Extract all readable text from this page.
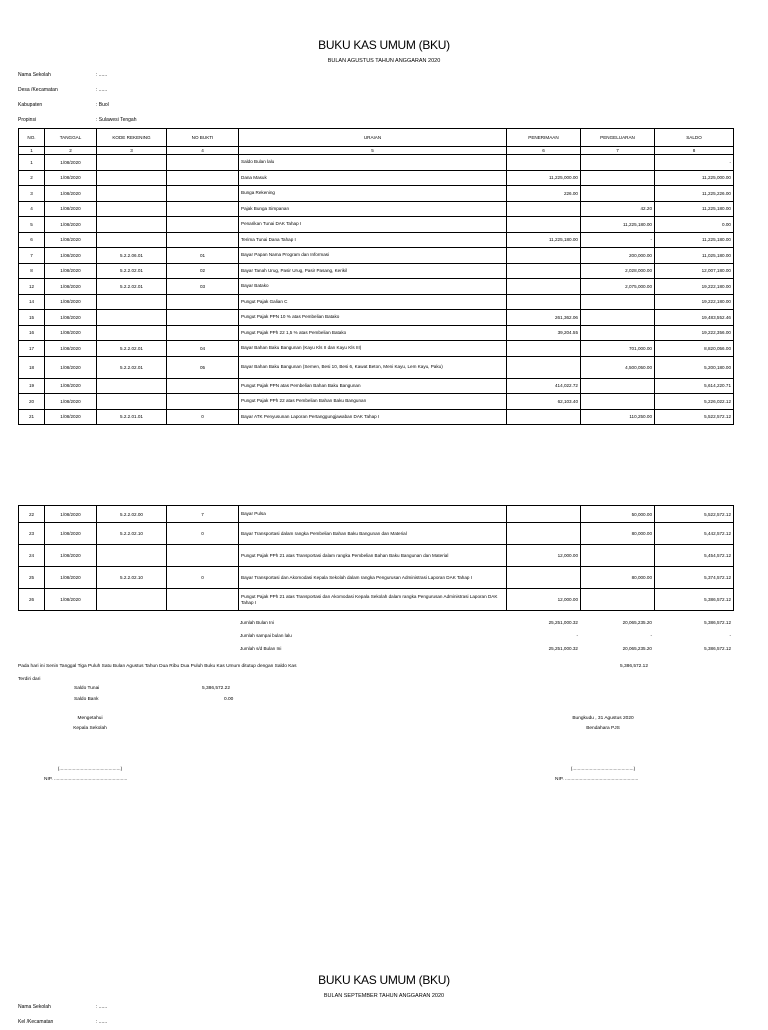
BUKU KAS UMUM (BKU)
BULAN AGUSTUS TAHUN ANGGARAN 2020
Nama Sekolah	: ......
Desa /Kecamatan	: ......
Kabupaten	: Buol
Propinsi	: Sulawesi Tengah
NO.	TANGGAL	KODE REKENING	NO BUKTI	URAIAN	PENERIMAAN	PENGELUARAN	SALDO
1	2	3	4	5	6	7	8
1	1/08/2020			Saldo Bulan lalu			-
2	1/08/2020			Dana Masuk	11,225,000.00		11,225,000.00
3	1/08/2020			Bunga Rekening	226.00		11,225,226.00
4	1/08/2020			Pajak Bunga Simpanan		42.20	11,225,180.00
5	1/08/2020			Penarikan Tunai DAK Tahap I		11,225,180.00	0.00
6	1/08/2020			Terima Tunai Dana Tahap I	11,225,180.00	-	11,225,180.00
7	1/08/2020	5.2.2.06.01	01	Bayar Papan Nama Program dan Informasi		200,000.00	11,025,180.00
8	1/08/2020	5.2.2.02.01	02	Bayar Tanah Urug, Pasir Urug, Pasir Pasang, Kerikil		2,028,000.00	12,007,180.00
12	1/08/2020	5.2.2.02.01	03	Bayar Batako		2,075,000.00	19,222,180.00
14	1/08/2020			Pungut Pajak Galian C			19,222,180.00
15	1/08/2020			Pungut Pajak PPN 10 % atas Pembelian Batako	261,362.06		19,483,552.46
16	1/08/2020			Pungut Pajak PPh 22 1,5 % atas Pembelian Batako	39,204.55		19,222,356.00
17	1/08/2020	5.2.2.02.01	04	Bayar Bahan Baku Bangunan (Kayu Kls II dan Kayu Kls III)		701,000.00	8,820,056.00
18	1/08/2020	5.2.2.02.01	05	Bayar Bahan Baku Bangunan (Semen, Besi 10, Besi 6, Kawat Beton, Meni Kayu, Lem Kayu, Paku)		4,500,050.00	5,200,180.00
19	1/08/2020			Pungut Pajak PPN atas Pembelian Bahan Baku Bangunan	414,022.72		5,614,220.71
20	1/08/2020			Pungut Pajak PPh 22 atas Pembelian Bahan Baku Bangunan	62,103.40		5,226,022.12
21	1/08/2020	5.2.2.01.01	0	Bayar ATK Penyusunan Laporan Pertanggungjawaban DAK Tahap I		110,250.00	5,522,572.12
22	1/08/2020	5.2.2.02.00	7	Bayar Pulsa		50,000.00	5,522,572.12
23	1/08/2020	5.2.2.02.10	0	Bayar Transportasi dalam rangka Pembelian Bahan Baku Bangunan dan Material		80,000.00	5,442,572.12
24	1/08/2020			Pungut Pajak PPh 21 atas Transportasi dalam rangka Pembelian Bahan Baku Bangunan dan Material	12,000.00		5,454,572.12
25	1/08/2020	5.2.2.02.10	0	Bayar Transportasi dan Akomodasi Kepala Sekolah dalam rangka Pengurusan Administrasi Laporan DAK Tahap I		80,000.00	5,374,572.12
26	1/08/2020			Pungut Pajak PPh 21 atas Transportasi dan Akomodasi Kepala Sekolah dalam rangka Pengurusan Administrasi Laporan DAK Tahap I	12,000.00		5,386,572.12
				Jumlah Bulan Ini	25,251,000.32	20,065,235.20	5,386,572.12
				Jumlah sampai bulan lalu	-	-	-
				Jumlah s/d Bulan Ini	25,251,000.32	20,065,235.20	5,386,572.12
Pada hari ini Senin Tanggal Tiga Puluh Satu Bulan Agustus Tahun Dua Ribu Dua Puluh Buku Kas Umum ditutup dengan Saldo Kas	5,386,572.12
Terdiri dari
Saldo Tunai	5,386,572.22
Saldo Bank	0.00
Mengetahui
Kepala Sekolah
(..............................................)
NIP. .......................................................
Bungkudu , 31 Agustus 2020
Bendahara PJS
(..............................................)
NIP. .......................................................
BUKU KAS UMUM (BKU)
BULAN SEPTEMBER TAHUN ANGGARAN 2020
Nama Sekolah	: ......
Kel /Kecamatan	: ......
